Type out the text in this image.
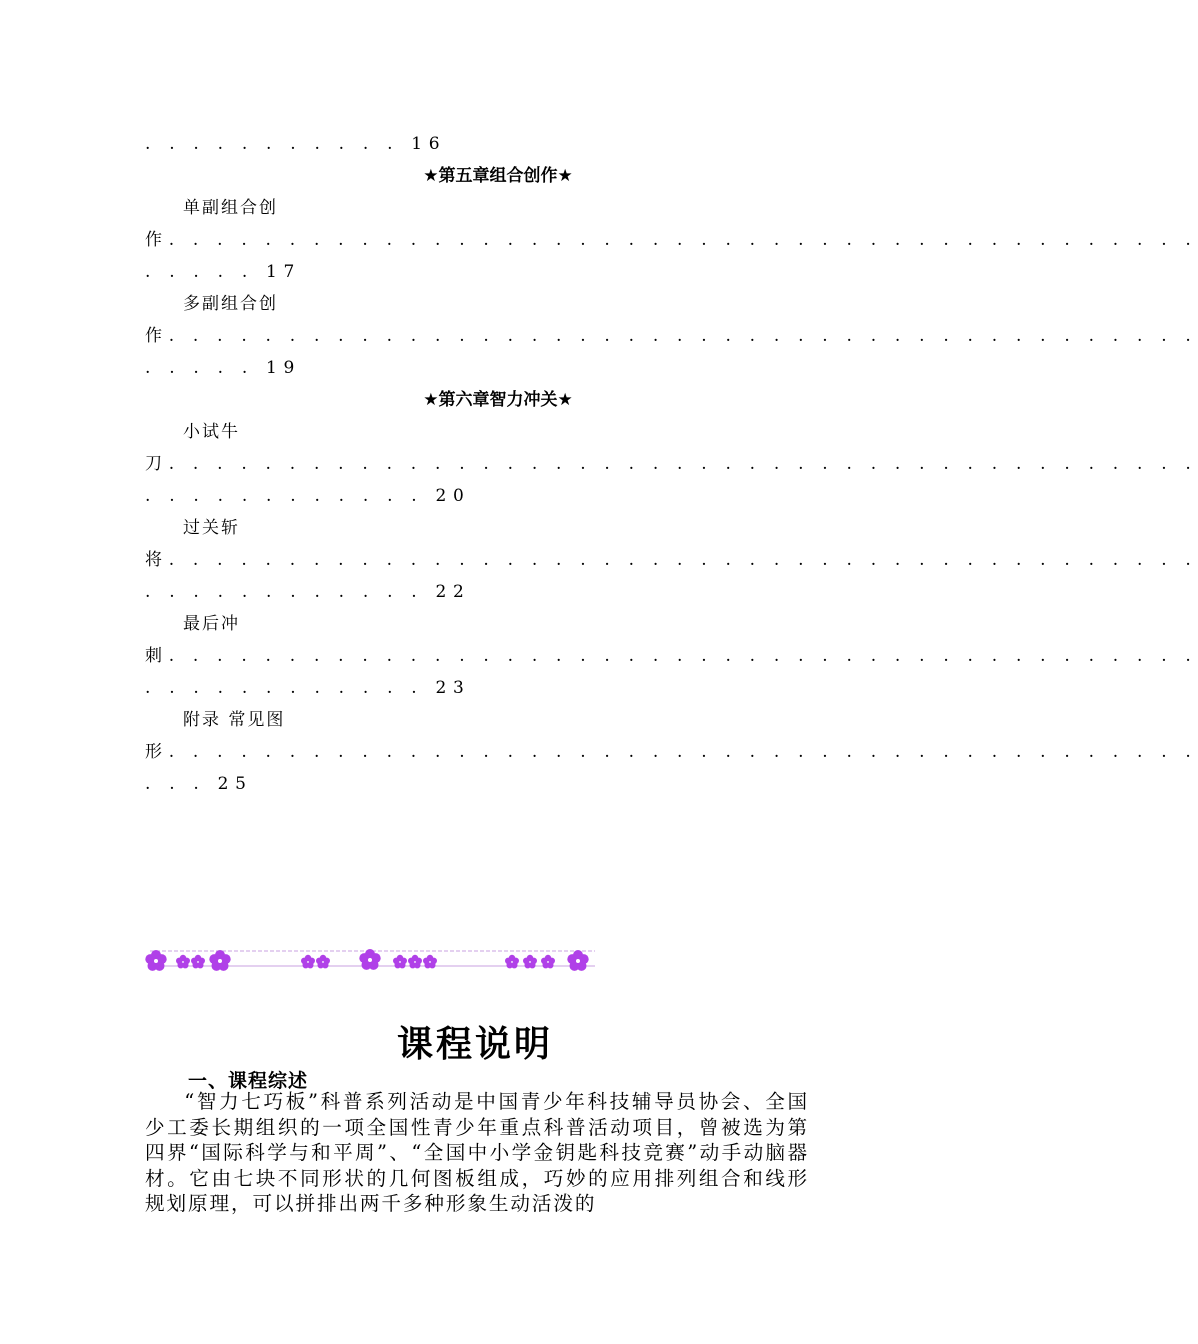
. . . . . . . . . . . 16
★第五章组合创作★
单副组合创
作. . . . . . . . . . . . . . . . . . . . . . . . . . . . . . . . . . . . . . . . . . .
. . . . . 17
多副组合创
作. . . . . . . . . . . . . . . . . . . . . . . . . . . . . . . . . . . . . . . . . . .
. . . . . 19
★第六章智力冲关★
小试牛
刀. . . . . . . . . . . . . . . . . . . . . . . . . . . . . . . . . . . . . . . . . . .
. . . . . . . . . . . . 20
过关斩
将. . . . . . . . . . . . . . . . . . . . . . . . . . . . . . . . . . . . . . . . . . .
. . . . . . . . . . . . 22
最后冲
刺. . . . . . . . . . . . . . . . . . . . . . . . . . . . . . . . . . . . . . . . . . .
. . . . . . . . . . . . 23
附录 常见图
形. . . . . . . . . . . . . . . . . . . . . . . . . . . . . . . . . . . . . . . . . . .
. . . 25
课程说明
一、课程综述
“智力七巧板”科普系列活动是中国青少年科技辅导员协会、全国少工委长期组织的一项全国性青少年重点科普活动项目，曾被选为第四界“国际科学与和平周”、“全国中小学金钥匙科技竞赛”动手动脑器材。它由七块不同形状的几何图板组成，巧妙的应用排列组合和线形规划原理，可以拼排出两千多种形象生动活泼的
